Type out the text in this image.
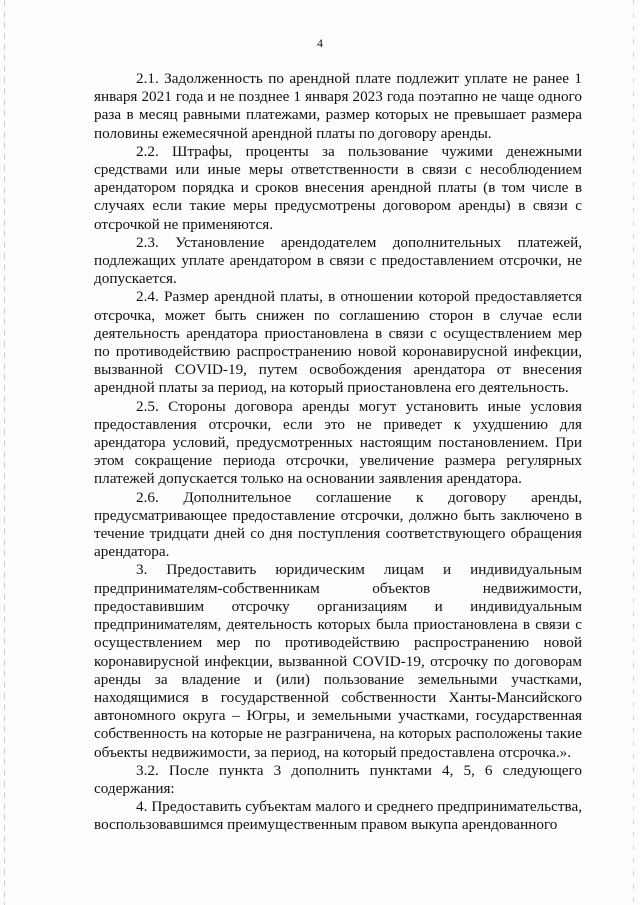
4

2.1. Задолженность по арендной плате подлежит уплате не ранее 1 января 2021 года и не позднее 1 января 2023 года поэтапно не чаще одного раза в месяц равными платежами, размер которых не превышает размера половины ежемесячной арендной платы по договору аренды.

2.2. Штрафы, проценты за пользование чужими денежными средствами или иные меры ответственности в связи с несоблюдением арендатором порядка и сроков внесения арендной платы (в том числе в случаях если такие меры предусмотрены договором аренды) в связи с отсрочкой не применяются.

2.3. Установление арендодателем дополнительных платежей, подлежащих уплате арендатором в связи с предоставлением отсрочки, не допускается.

2.4. Размер арендной платы, в отношении которой предоставляется отсрочка, может быть снижен по соглашению сторон в случае если деятельность арендатора приостановлена в связи с осуществлением мер по противодействию распространению новой коронавирусной инфекции, вызванной COVID-19, путем освобождения арендатора от внесения арендной платы за период, на который приостановлена его деятельность.

2.5. Стороны договора аренды могут установить иные условия предоставления отсрочки, если это не приведет к ухудшению для арендатора условий, предусмотренных настоящим постановлением. При этом сокращение периода отсрочки, увеличение размера регулярных платежей допускается только на основании заявления арендатора.

2.6. Дополнительное соглашение к договору аренды, предусматривающее предоставление отсрочки, должно быть заключено в течение тридцати дней со дня поступления соответствующего обращения арендатора.

3. Предоставить юридическим лицам и индивидуальным предпринимателям-собственникам объектов недвижимости, предоставившим отсрочку организациям и индивидуальным предпринимателям, деятельность которых была приостановлена в связи с осуществлением мер по противодействию распространению новой коронавирусной инфекции, вызванной COVID-19, отсрочку по договорам аренды за владение и (или) пользование земельными участками, находящимися в государственной собственности Ханты-Мансийского автономного округа – Югры, и земельными участками, государственная собственность на которые не разграничена, на которых расположены такие объекты недвижимости, за период, на который предоставлена отсрочка.».

3.2. После пункта 3 дополнить пунктами 4, 5, 6 следующего содержания:

4. Предоставить субъектам малого и среднего предпринимательства, воспользовавшимся преимущественным правом выкупа арендованного
